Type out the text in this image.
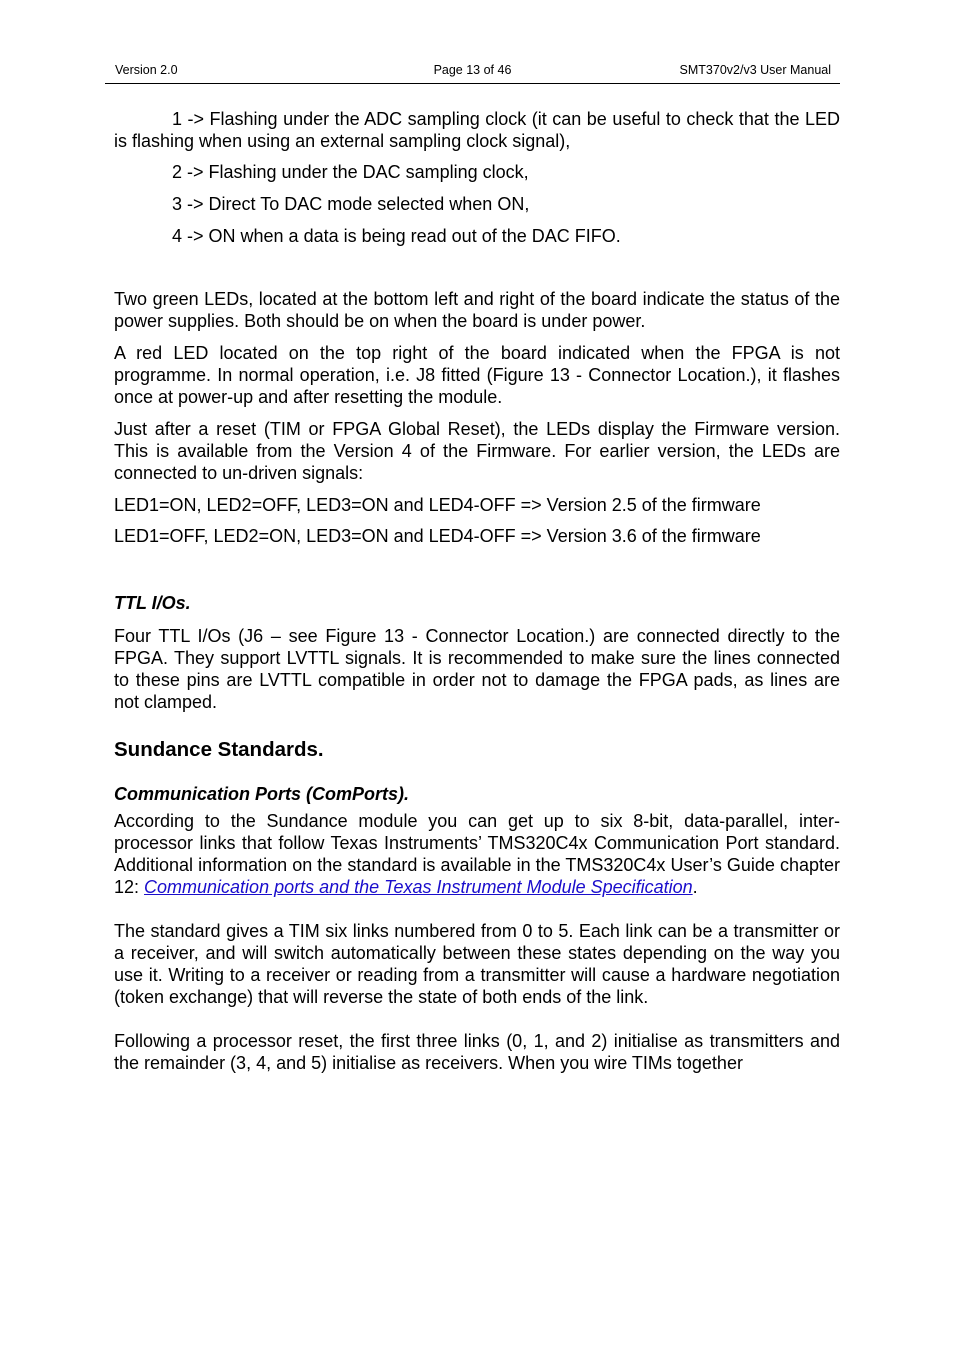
Version 2.0	Page 13 of 46	SMT370v2/v3 User Manual

1 -> Flashing under the ADC sampling clock (it can be useful to check that the LED is flashing when using an external sampling clock signal),

2 -> Flashing under the DAC sampling clock,

3 -> Direct To DAC mode selected when ON,

4 -> ON when a data is being read out of the DAC FIFO.

Two green LEDs, located at the bottom left and right of the board indicate the status of the power supplies. Both should be on when the board is under power.

A red LED located on the top right of the board indicated when the FPGA is not programme. In normal operation, i.e. J8 fitted (Figure 13 - Connector Location.), it flashes once at power-up and after resetting the module.

Just after a reset (TIM or FPGA Global Reset), the LEDs display the Firmware version. This is available from the Version 4 of the Firmware. For earlier version, the LEDs are connected to un-driven signals:

LED1=ON, LED2=OFF, LED3=ON and LED4-OFF => Version 2.5 of the firmware

LED1=OFF, LED2=ON, LED3=ON and LED4-OFF => Version 3.6 of the firmware

TTL I/Os.

Four TTL I/Os (J6 – see Figure 13 - Connector Location.) are connected directly to the FPGA. They support LVTTL signals. It is recommended to make sure the lines connected to these pins are LVTTL compatible in order not to damage the FPGA pads, as lines are not clamped.

Sundance Standards.
Communication Ports (ComPorts).

According to the Sundance module you can get up to six 8-bit, data-parallel, inter-processor links that follow Texas Instruments’ TMS320C4x Communication Port standard. Additional information on the standard is available in the TMS320C4x User’s Guide chapter 12: Communication ports and the Texas Instrument Module Specification.

The standard gives a TIM six links numbered from 0 to 5. Each link can be a transmitter or a receiver, and will switch automatically between these states depending on the way you use it. Writing to a receiver or reading from a transmitter will cause a hardware negotiation (token exchange) that will reverse the state of both ends of the link.

Following a processor reset, the first three links (0, 1, and 2) initialise as transmitters and the remainder (3, 4, and 5) initialise as receivers. When you wire TIMs together
